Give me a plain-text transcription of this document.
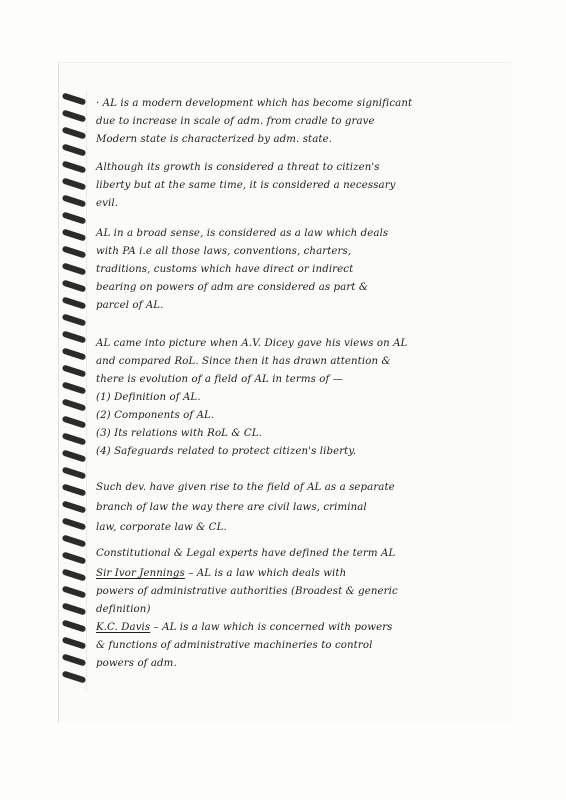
· AL is a modern development which has become significant
due to increase in scale of adm. from cradle to grave
Modern state is characterized by adm. state.
Although its growth is considered a threat to citizen's
liberty but at the same time, it is considered a necessary
evil.
AL in a broad sense, is considered as a law which deals
with PA i.e all those laws, conventions, charters,
traditions, customs which have direct or indirect
bearing on powers of adm are considered as part &
parcel of AL.
AL came into picture when A.V. Dicey gave his views on AL
and compared RoL. Since then it has drawn attention &
there is evolution of a field of AL in terms of —
(1) Definition of AL.
(2) Components of AL.
(3) Its relations with RoL & CL.
(4) Safeguards related to protect citizen's liberty.
Such dev. have given rise to the field of AL as a separate
branch of law the way there are civil laws, criminal
law, corporate law & CL.
Constitutional & Legal experts have defined the term AL
Sir Ivor Jennings – AL is a law which deals with
powers of administrative authorities (Broadest & generic
definition)
K.C. Davis – AL is a law which is concerned with powers
& functions of administrative machineries to control
powers of adm.
